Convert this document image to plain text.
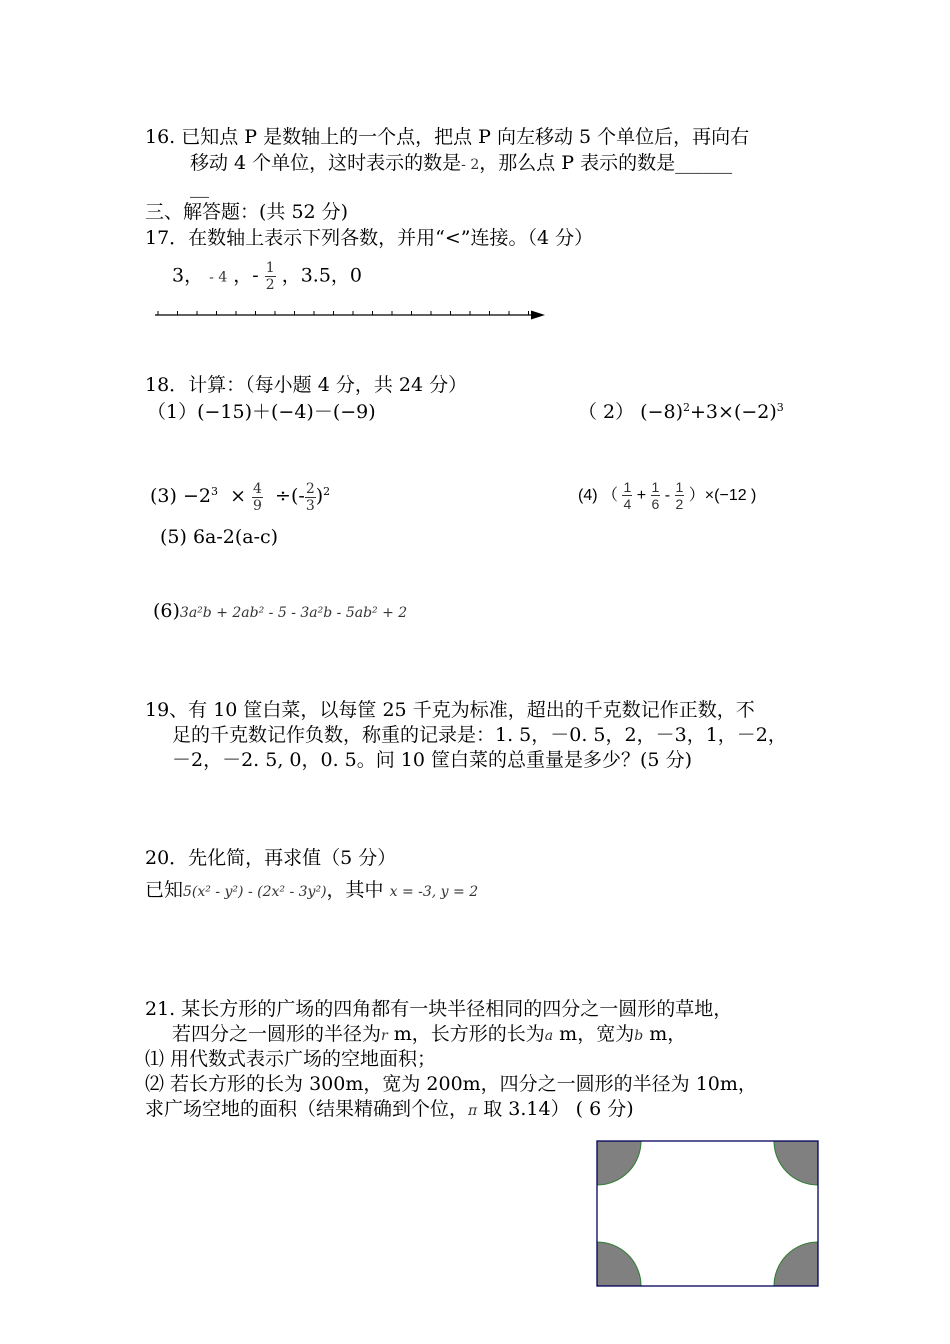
16. 已知点 P 是数轴上的一个点，把点 P 向左移动 5 个单位后，再向右
移动 4 个单位，这时表示的数是- 2，那么点 P 表示的数是______
__
三、解答题：(共 52 分)
17．在数轴上表示下列各数，并用“<”连接。（4 分）
3， - 4 ，- $\frac{1}{2}$ ，3.5，0
18．计算：（每小题 4 分，共 24 分）
（1）(−15)＋(−4)－(−9)	（ 2） $(-8)^2+3\times(-2)^3$
$(3) -2^3 \times \frac{4}{9}$ ÷(- $\frac{2}{3} )^2$	(4) （ $\frac{1}{4} + \frac{1}{6} - \frac{1}{2} )\times(-12$ )
(5) 6a-2(a-c)
(6)3a²b + 2ab² - 5 - 3a²b - 5ab² + 2
19、有 10 筐白菜，以每筐 25 千克为标准，超出的千克数记作正数，不
足的千克数记作负数，称重的记录是：1. 5，－0. 5，2，－3，1，－2，
－2，－2. 5, 0，0. 5。问 10 筐白菜的总重量是多少？(5 分)
20．先化简，再求值（5 分）
已知5(x² - y²) - (2x² - 3y²)，其中 x = -3, y = 2
21. 某长方形的广场的四角都有一块半径相同的四分之一圆形的草地，
若四分之一圆形的半径为r m，长方形的长为a m，宽为b m，
⑴ 用代数式表示广场的空地面积；
⑵ 若长方形的长为 300m，宽为 200m，四分之一圆形的半径为 10m，
求广场空地的面积（结果精确到个位，π 取 3.14） ( 6 分)
